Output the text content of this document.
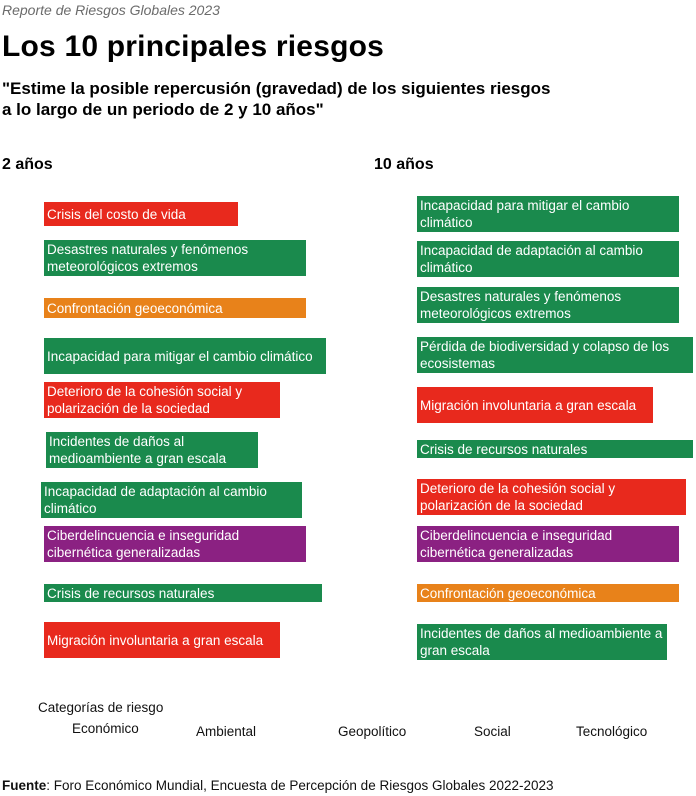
Reporte de Riesgos Globales 2023
Los 10 principales riesgos
"Estime la posible repercusión (gravedad) de los siguientes riesgos a lo largo de un periodo de 2 y 10 años"
2 años	10 años
Crisis del costo de vida
Desastres naturales y fenómenos meteorológicos extremos
Confrontación geoeconómica
Incapacidad para mitigar el cambio climático
Deterioro de la cohesión social y polarización de la sociedad
Incidentes de daños al medioambiente a gran escala
Incapacidad de adaptación al cambio climático
Ciberdelincuencia e inseguridad cibernética generalizadas
Crisis de recursos naturales
Migración involuntaria a gran escala
Incapacidad para mitigar el cambio climático
Incapacidad de adaptación al cambio climático
Desastres naturales y fenómenos meteorológicos extremos
Pérdida de biodiversidad y colapso de los ecosistemas
Migración involuntaria a gran escala
Crisis de recursos naturales
Deterioro de la cohesión social y polarización de la sociedad
Ciberdelincuencia e inseguridad cibernética generalizadas
Confrontación geoeconómica
Incidentes de daños al medioambiente a gran escala
Categorías de riesgo
Económico	Ambiental	Geopolítico	Social	Tecnológico
Fuente: Foro Económico Mundial, Encuesta de Percepción de Riesgos Globales 2022-2023
